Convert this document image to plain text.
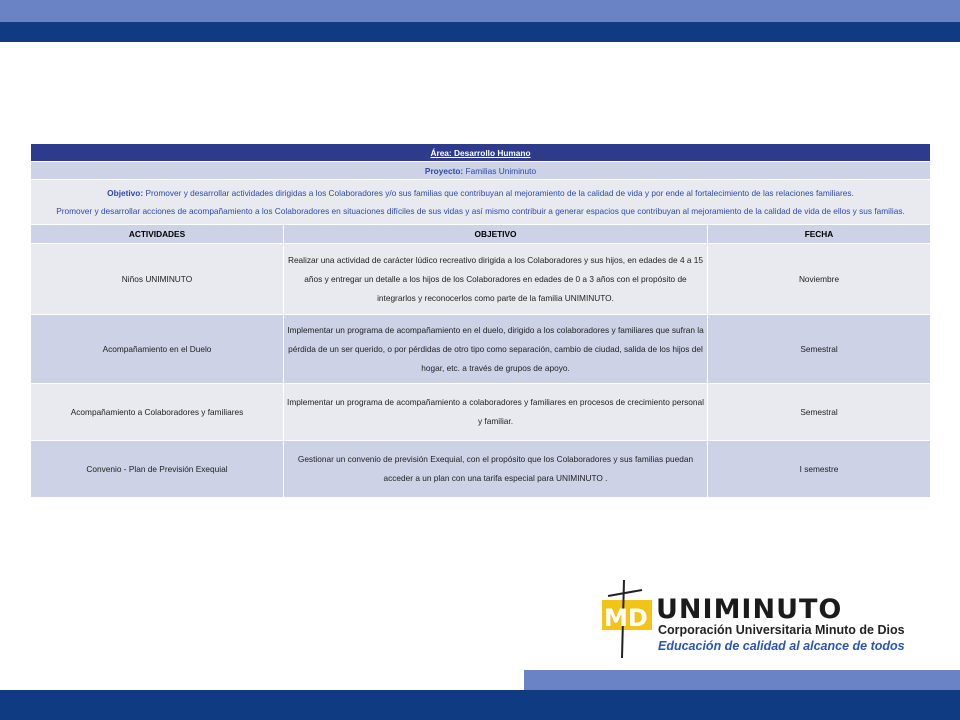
Área: Desarrollo Humano		
Proyecto: Familias Uniminuto		
Objetivo: Promover y desarrollar actividades dirigidas a los Colaboradores y/o sus familias que contribuyan al mejoramiento de la calidad de vida y por ende al fortalecimiento de las relaciones familiares.
Promover y desarrollar acciones de acompañamiento a los Colaboradores en situaciones difíciles de sus vidas y así mismo contribuir a generar espacios que contribuyan al mejoramiento de la calidad de vida de ellos y sus familias.		
ACTIVIDADES	OBJETIVO	FECHA
Niños UNIMINUTO	Realizar una actividad de carácter lúdico recreativo dirigida a los Colaboradores y sus hijos, en edades de 4 a 15 años y entregar un detalle a los hijos de los Colaboradores en edades de 0 a 3 años con el propósito de integrarlos y reconocerlos como parte de la familia UNIMINUTO.	Noviembre
Acompañamiento en el Duelo	Implementar un programa de acompañamiento en el duelo, dirigido a los colaboradores y familiares que sufran la pérdida de un ser querido, o por pérdidas de otro tipo como separación, cambio de ciudad, salida de los hijos del hogar, etc. a través de grupos de apoyo.	Semestral
Acompañamiento a Colaboradores y familiares	Implementar un programa de acompañamiento a colaboradores y familiares en procesos de crecimiento personal y familiar.	Semestral
Convenio - Plan de Previsión Exequial	Gestionar un convenio de previsión Exequial, con el propósito que los Colaboradores y sus familias puedan acceder a un plan con una tarifa especial para UNIMINUTO .	I semestre
MD UNIMINUTO
Corporación Universitaria Minuto de Dios
Educación de calidad al alcance de todos
